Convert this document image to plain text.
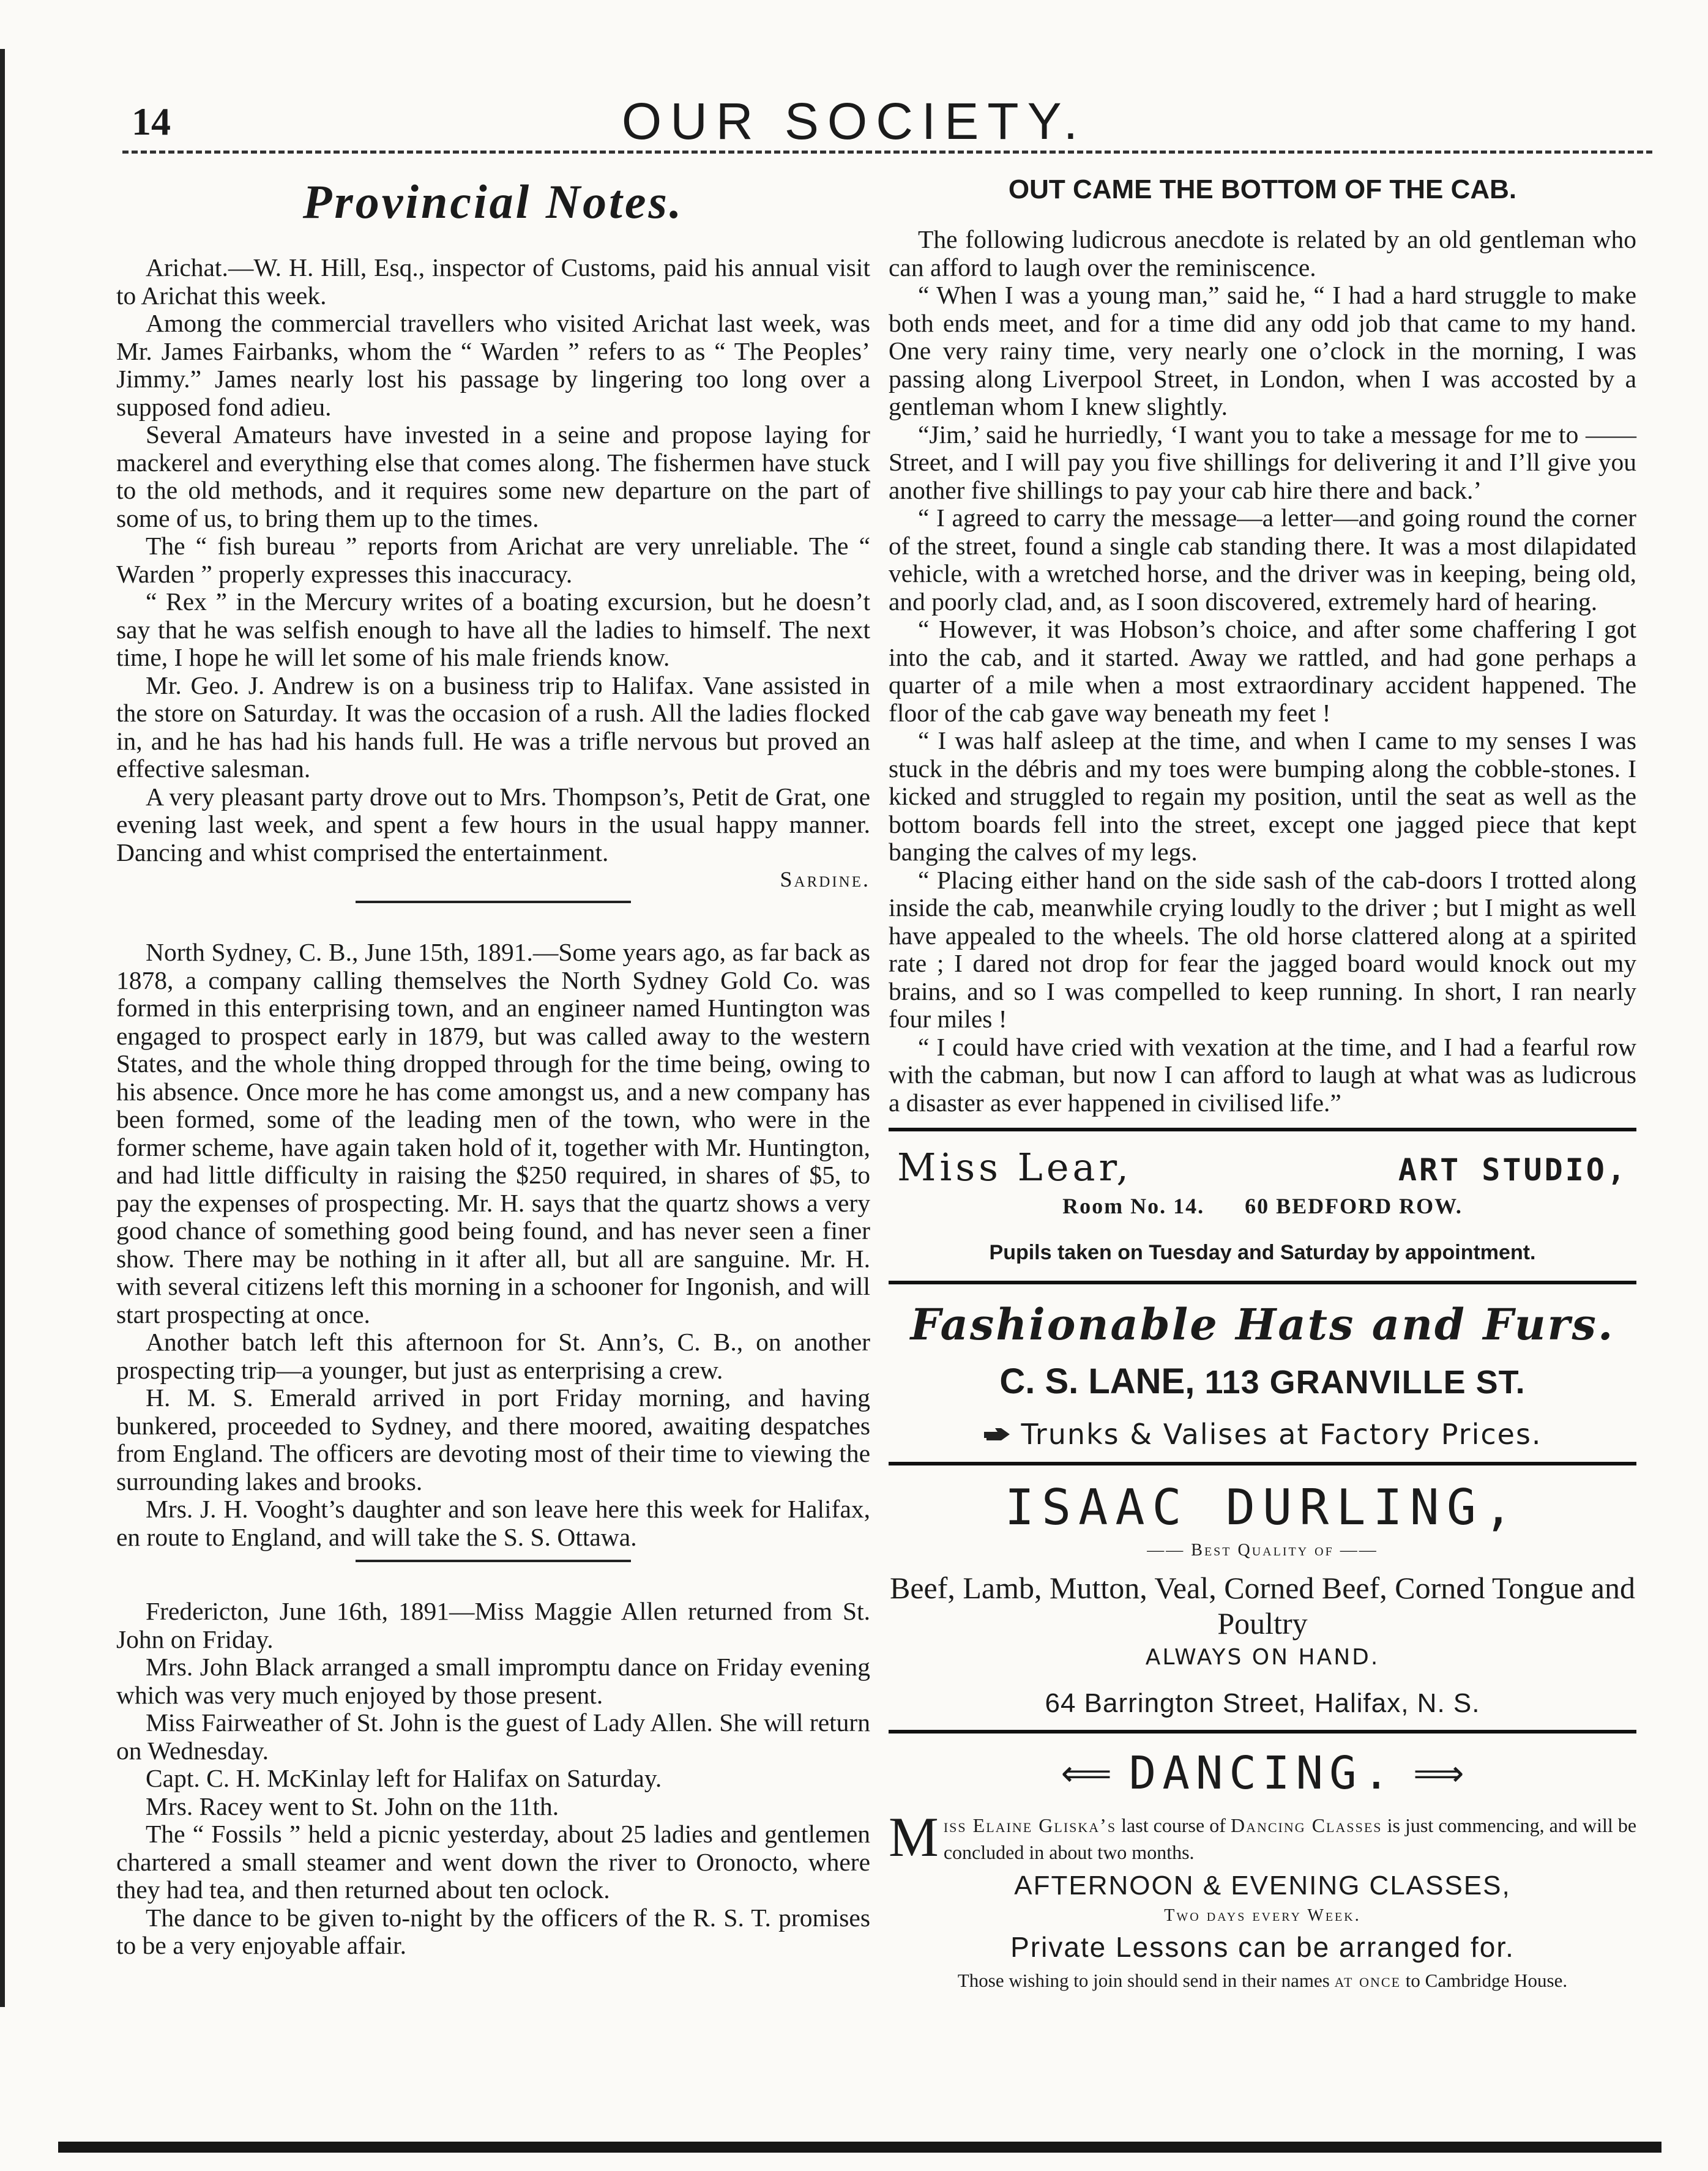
14	OUR SOCIETY.
Provincial Notes.

Arichat.—W. H. Hill, Esq., inspector of Customs, paid his annual visit to Arichat this week.

Among the commercial travellers who visited Arichat last week, was Mr. James Fairbanks, whom the “ Warden ” refers to as “ The Peoples’ Jimmy.” James nearly lost his passage by lingering too long over a supposed fond adieu.

Several Amateurs have invested in a seine and propose laying for mackerel and everything else that comes along. The fishermen have stuck to the old methods, and it requires some new departure on the part of some of us, to bring them up to the times.

The “ fish bureau ” reports from Arichat are very unreliable. The “ Warden ” properly expresses this inaccuracy.

“ Rex ” in the Mercury writes of a boating excursion, but he doesn’t say that he was selfish enough to have all the ladies to himself. The next time, I hope he will let some of his male friends know.

Mr. Geo. J. Andrew is on a business trip to Halifax. Vane assisted in the store on Saturday. It was the occasion of a rush. All the ladies flocked in, and he has had his hands full. He was a trifle nervous but proved an effective salesman.

A very pleasant party drove out to Mrs. Thompson’s, Petit de Grat, one evening last week, and spent a few hours in the usual happy manner. Dancing and whist comprised the entertainment.

Sardine.

North Sydney, C. B., June 15th, 1891.—Some years ago, as far back as 1878, a company calling themselves the North Sydney Gold Co. was formed in this enterprising town, and an engineer named Huntington was engaged to prospect early in 1879, but was called away to the western States, and the whole thing dropped through for the time being, owing to his absence. Once more he has come amongst us, and a new company has been formed, some of the leading men of the town, who were in the former scheme, have again taken hold of it, together with Mr. Huntington, and had little difficulty in raising the $250 required, in shares of $5, to pay the expenses of prospecting. Mr. H. says that the quartz shows a very good chance of something good being found, and has never seen a finer show. There may be nothing in it after all, but all are sanguine. Mr. H. with several citizens left this morning in a schooner for Ingonish, and will start prospecting at once.

Another batch left this afternoon for St. Ann’s, C. B., on another prospecting trip—a younger, but just as enterprising a crew.

H. M. S. Emerald arrived in port Friday morning, and having bunkered, proceeded to Sydney, and there moored, awaiting despatches from England. The officers are devoting most of their time to viewing the surrounding lakes and brooks.

Mrs. J. H. Vooght’s daughter and son leave here this week for Halifax, en route to England, and will take the S. S. Ottawa.

Fredericton, June 16th, 1891—Miss Maggie Allen returned from St. John on Friday.

Mrs. John Black arranged a small impromptu dance on Friday evening which was very much enjoyed by those present.

Miss Fairweather of St. John is the guest of Lady Allen. She will return on Wednesday.

Capt. C. H. McKinlay left for Halifax on Saturday.

Mrs. Racey went to St. John on the 11th.

The “ Fossils ” held a picnic yesterday, about 25 ladies and gentlemen chartered a small steamer and went down the river to Oronocto, where they had tea, and then returned about ten oclock.

The dance to be given to-night by the officers of the R. S. T. promises to be a very enjoyable affair.

OUT CAME THE BOTTOM OF THE CAB.

The following ludicrous anecdote is related by an old gentleman who can afford to laugh over the reminiscence.

“ When I was a young man,” said he, “ I had a hard struggle to make both ends meet, and for a time did any odd job that came to my hand. One very rainy time, very nearly one o’clock in the morning, I was passing along Liverpool Street, in London, when I was accosted by a gentleman whom I knew slightly.

“Jim,’ said he hurriedly, ‘I want you to take a message for me to —— Street, and I will pay you five shillings for delivering it and I’ll give you another five shillings to pay your cab hire there and back.’

“ I agreed to carry the message—a letter—and going round the corner of the street, found a single cab standing there. It was a most dilapidated vehicle, with a wretched horse, and the driver was in keeping, being old, and poorly clad, and, as I soon discovered, extremely hard of hearing.

“ However, it was Hobson’s choice, and after some chaffering I got into the cab, and it started. Away we rattled, and had gone perhaps a quarter of a mile when a most extraordinary accident happened. The floor of the cab gave way beneath my feet !

“ I was half asleep at the time, and when I came to my senses I was stuck in the débris and my toes were bumping along the cobble-stones. I kicked and struggled to regain my position, until the seat as well as the bottom boards fell into the street, except one jagged piece that kept banging the calves of my legs.

“ Placing either hand on the side sash of the cab-doors I trotted along inside the cab, meanwhile crying loudly to the driver ; but I might as well have appealed to the wheels. The old horse clattered along at a spirited rate ; I dared not drop for fear the jagged board would knock out my brains, and so I was compelled to keep running. In short, I ran nearly four miles !

“ I could have cried with vexation at the time, and I had a fearful row with the cabman, but now I can afford to laugh at what was as ludicrous a disaster as ever happened in civilised life.”

Miss Lear,	ART STUDIO,
Room No. 14. 60 BEDFORD ROW.
Pupils taken on Tuesday and Saturday by appointment.
Fashionable Hats and Furs.
C. S. LANE, 113 GRANVILLE ST.
Trunks & Valises at Factory Prices.
ISAAC DURLING,
—— Best Quality of ——
Beef, Lamb, Mutton, Veal, Corned Beef, Corned Tongue and Poultry
ALWAYS ON HAND.
64 Barrington Street, Halifax, N. S.
⟸ DANCING. ⟹
M iss Elaine Gliska’s last course of Dancing Classes is just commencing, and will be concluded in about two months.
AFTERNOON & EVENING CLASSES,
Two days every Week.
Private Lessons can be arranged for.
Those wishing to join should send in their names at once to Cambridge House.
